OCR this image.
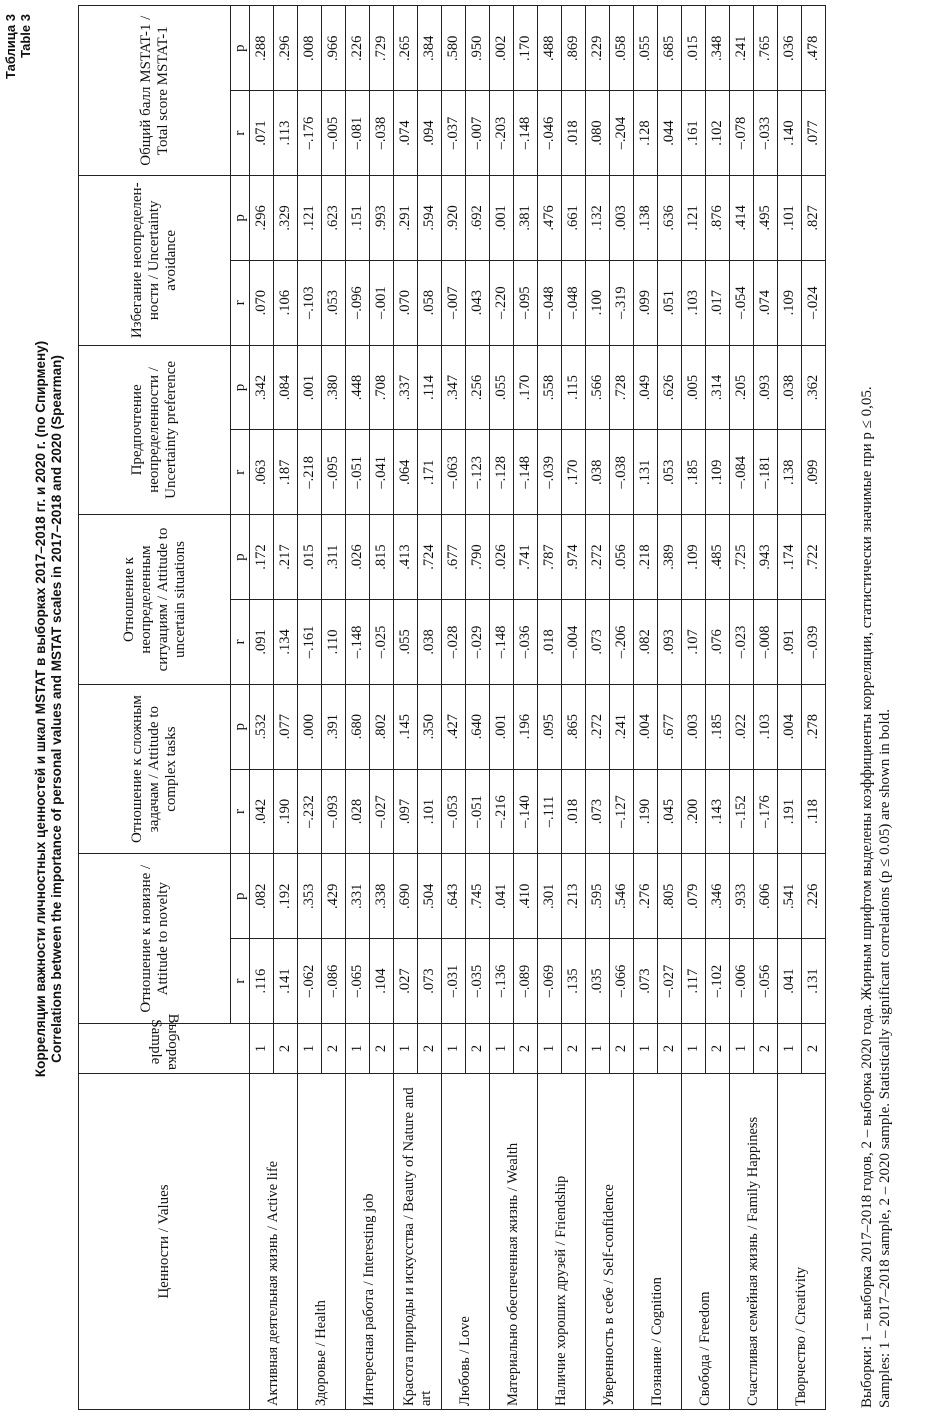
Таблица 3 Table 3
Корреляции важности личностных ценностей и шкал MSTAT в выборках 2017–2018 гг. и 2020 г. (по Спирмену) Correlations between the importance of personal values and MSTAT scales in 2017–2018 and 2020 (Spearman)
Ценности / Values	Выборка Sample	Отношение к новизне / Attitude to novelty		Отношение к сложным задачам / Attitude to complex tasks		Отношение к неопределенным ситуациям / Attitude to uncertain situations		Предпочтение неопределенности / Uncertainty preference		Избегание неопределенности / Uncertainty avoidance		Общий балл MSTAT-1 / Total score MSTAT-1	
		r	p	r	p	r	p	r	p	r	p	r	p
Активная деятельная жизнь / Active life	1	.116	.082	.042	.532	.091	.172	.063	.342	.070	.296	.071	.288
	2	.141	.192	.190	.077	.134	.217	.187	.084	.106	.329	.113	.296
Здоровье / Health	1	–.062	.353	–.232	.000	–.161	.015	–.218	.001	–.103	.121	–.176	.008
	2	–.086	.429	–.093	.391	.110	.311	–.095	.380	.053	.623	–.005	.966
Интересная работа / Interesting job	1	–.065	.331	.028	.680	–.148	.026	–.051	.448	–.096	.151	–.081	.226
	2	.104	.338	–.027	.802	–.025	.815	–.041	.708	–.001	.993	–.038	.729
Красота природы и искусства / Beauty of Nature and art	1	.027	.690	.097	.145	.055	.413	.064	.337	.070	.291	.074	.265
	2	.073	.504	.101	.350	.038	.724	.171	.114	.058	.594	.094	.384
Любовь / Love	1	–.031	.643	–.053	.427	–.028	.677	–.063	.347	–.007	.920	–.037	.580
	2	–.035	.745	–.051	.640	–.029	.790	–.123	.256	.043	.692	–.007	.950
Материально обеспеченная жизнь / Wealth	1	–.136	.041	–.216	.001	–.148	.026	–.128	.055	–.220	.001	–.203	.002
	2	–.089	.410	–.140	.196	–.036	.741	–.148	.170	–.095	.381	–.148	.170
Наличие хороших друзей / Friendship	1	–.069	.301	–.111	.095	.018	.787	–.039	.558	–.048	.476	–.046	.488
	2	.135	.213	.018	.865	–.004	.974	.170	.115	–.048	.661	.018	.869
Уверенность в себе / Self-confidence	1	.035	.595	.073	.272	.073	.272	.038	.566	.100	.132	.080	.229
	2	–.066	.546	–.127	.241	–.206	.056	–.038	.728	–.319	.003	–.204	.058
Познание / Cognition	1	.073	.276	.190	.004	.082	.218	.131	.049	.099	.138	.128	.055
	2	–.027	.805	.045	.677	.093	.389	.053	.626	.051	.636	.044	.685
Свобода / Freedom	1	.117	.079	.200	.003	.107	.109	.185	.005	.103	.121	.161	.015
	2	–.102	.346	.143	.185	.076	.485	.109	.314	.017	.876	.102	.348
Счастливая семейная жизнь / Family Happiness	1	–.006	.933	–.152	.022	–.023	.725	–.084	.205	–.054	.414	–.078	.241
	2	–.056	.606	–.176	.103	–.008	.943	–.181	.093	.074	.495	–.033	.765
Творчество / Creativity	1	.041	.541	.191	.004	.091	.174	.138	.038	.109	.101	.140	.036
	2	.131	.226	.118	.278	–.039	.722	.099	.362	–.024	.827	.077	.478
Выборки: 1 – выборка 2017–2018 годов, 2 – выборка 2020 года. Жирным шрифтом выделены коэффициенты корреляции, статистически значимые при p ≤ 0,05. Samples: 1 – 2017–2018 sample, 2 – 2020 sample. Statistically significant correlations (p ≤ 0.05) are shown in bold.
